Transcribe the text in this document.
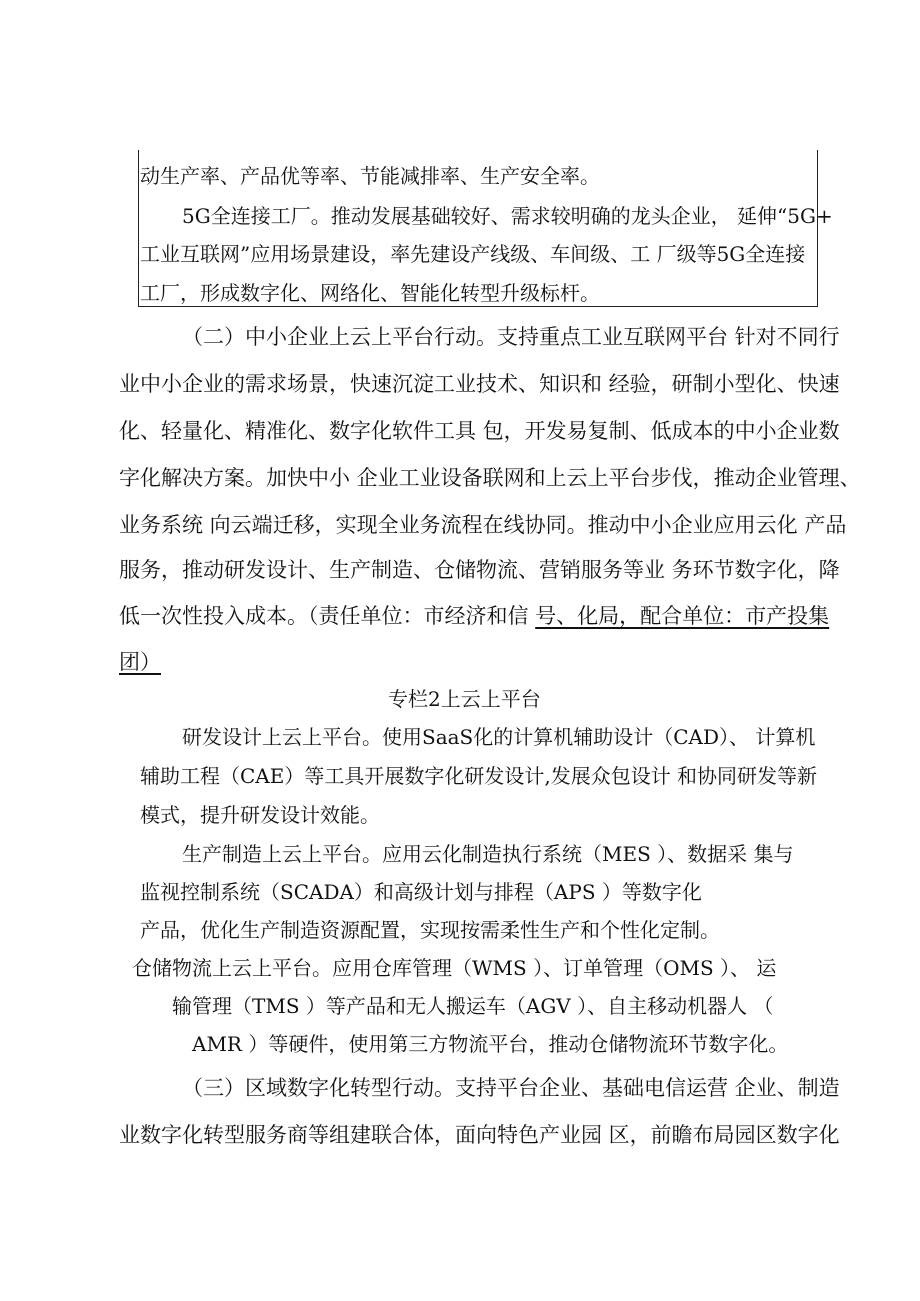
动生产率、产品优等率、节能减排率、生产安全率。
5G全连接工厂。推动发展基础较好、需求较明确的龙头企业， 延伸“5G+
工业互联网”应用场景建设，率先建设产线级、车间级、工 厂级等5G全连接
工厂，形成数字化、网络化、智能化转型升级标杆。
（二）中小企业上云上平台行动。支持重点工业互联网平台 针对不同行
业中小企业的需求场景，快速沉淀工业技术、知识和 经验，研制小型化、快速
化、轻量化、精准化、数字化软件工具 包，开发易复制、低成本的中小企业数
字化解决方案。加快中小 企业工业设备联网和上云上平台步伐，推动企业管理、
业务系统 向云端迁移，实现全业务流程在线协同。推动中小企业应用云化 产品
服务，推动研发设计、生产制造、仓储物流、营销服务等业 务环节数字化，降
低一次性投入成本。（责任单位：市经济和信 号、化局，配合单位：市产投集
团）
专栏2上云上平台
研发设计上云上平台。使用SaaS化的计算机辅助设计（CAD）、 计算机
辅助工程（CAE）等工具开展数字化研发设计,发展众包设计 和协同研发等新
模式，提升研发设计效能。
生产制造上云上平台。应用云化制造执行系统（MES ）、数据采 集与
监视控制系统（SCADA）和高级计划与排程（APS ）等数字化
产品，优化生产制造资源配置，实现按需柔性生产和个性化定制。
仓储物流上云上平台。应用仓库管理（WMS ）、订单管理（OMS ）、 运
输管理（TMS ）等产品和无人搬运车（AGV ）、自主移动机器人 （
AMR ）等硬件，使用第三方物流平台，推动仓储物流环节数字化。
（三）区域数字化转型行动。支持平台企业、基础电信运营 企业、制造
业数字化转型服务商等组建联合体，面向特色产业园 区，前瞻布局园区数字化
